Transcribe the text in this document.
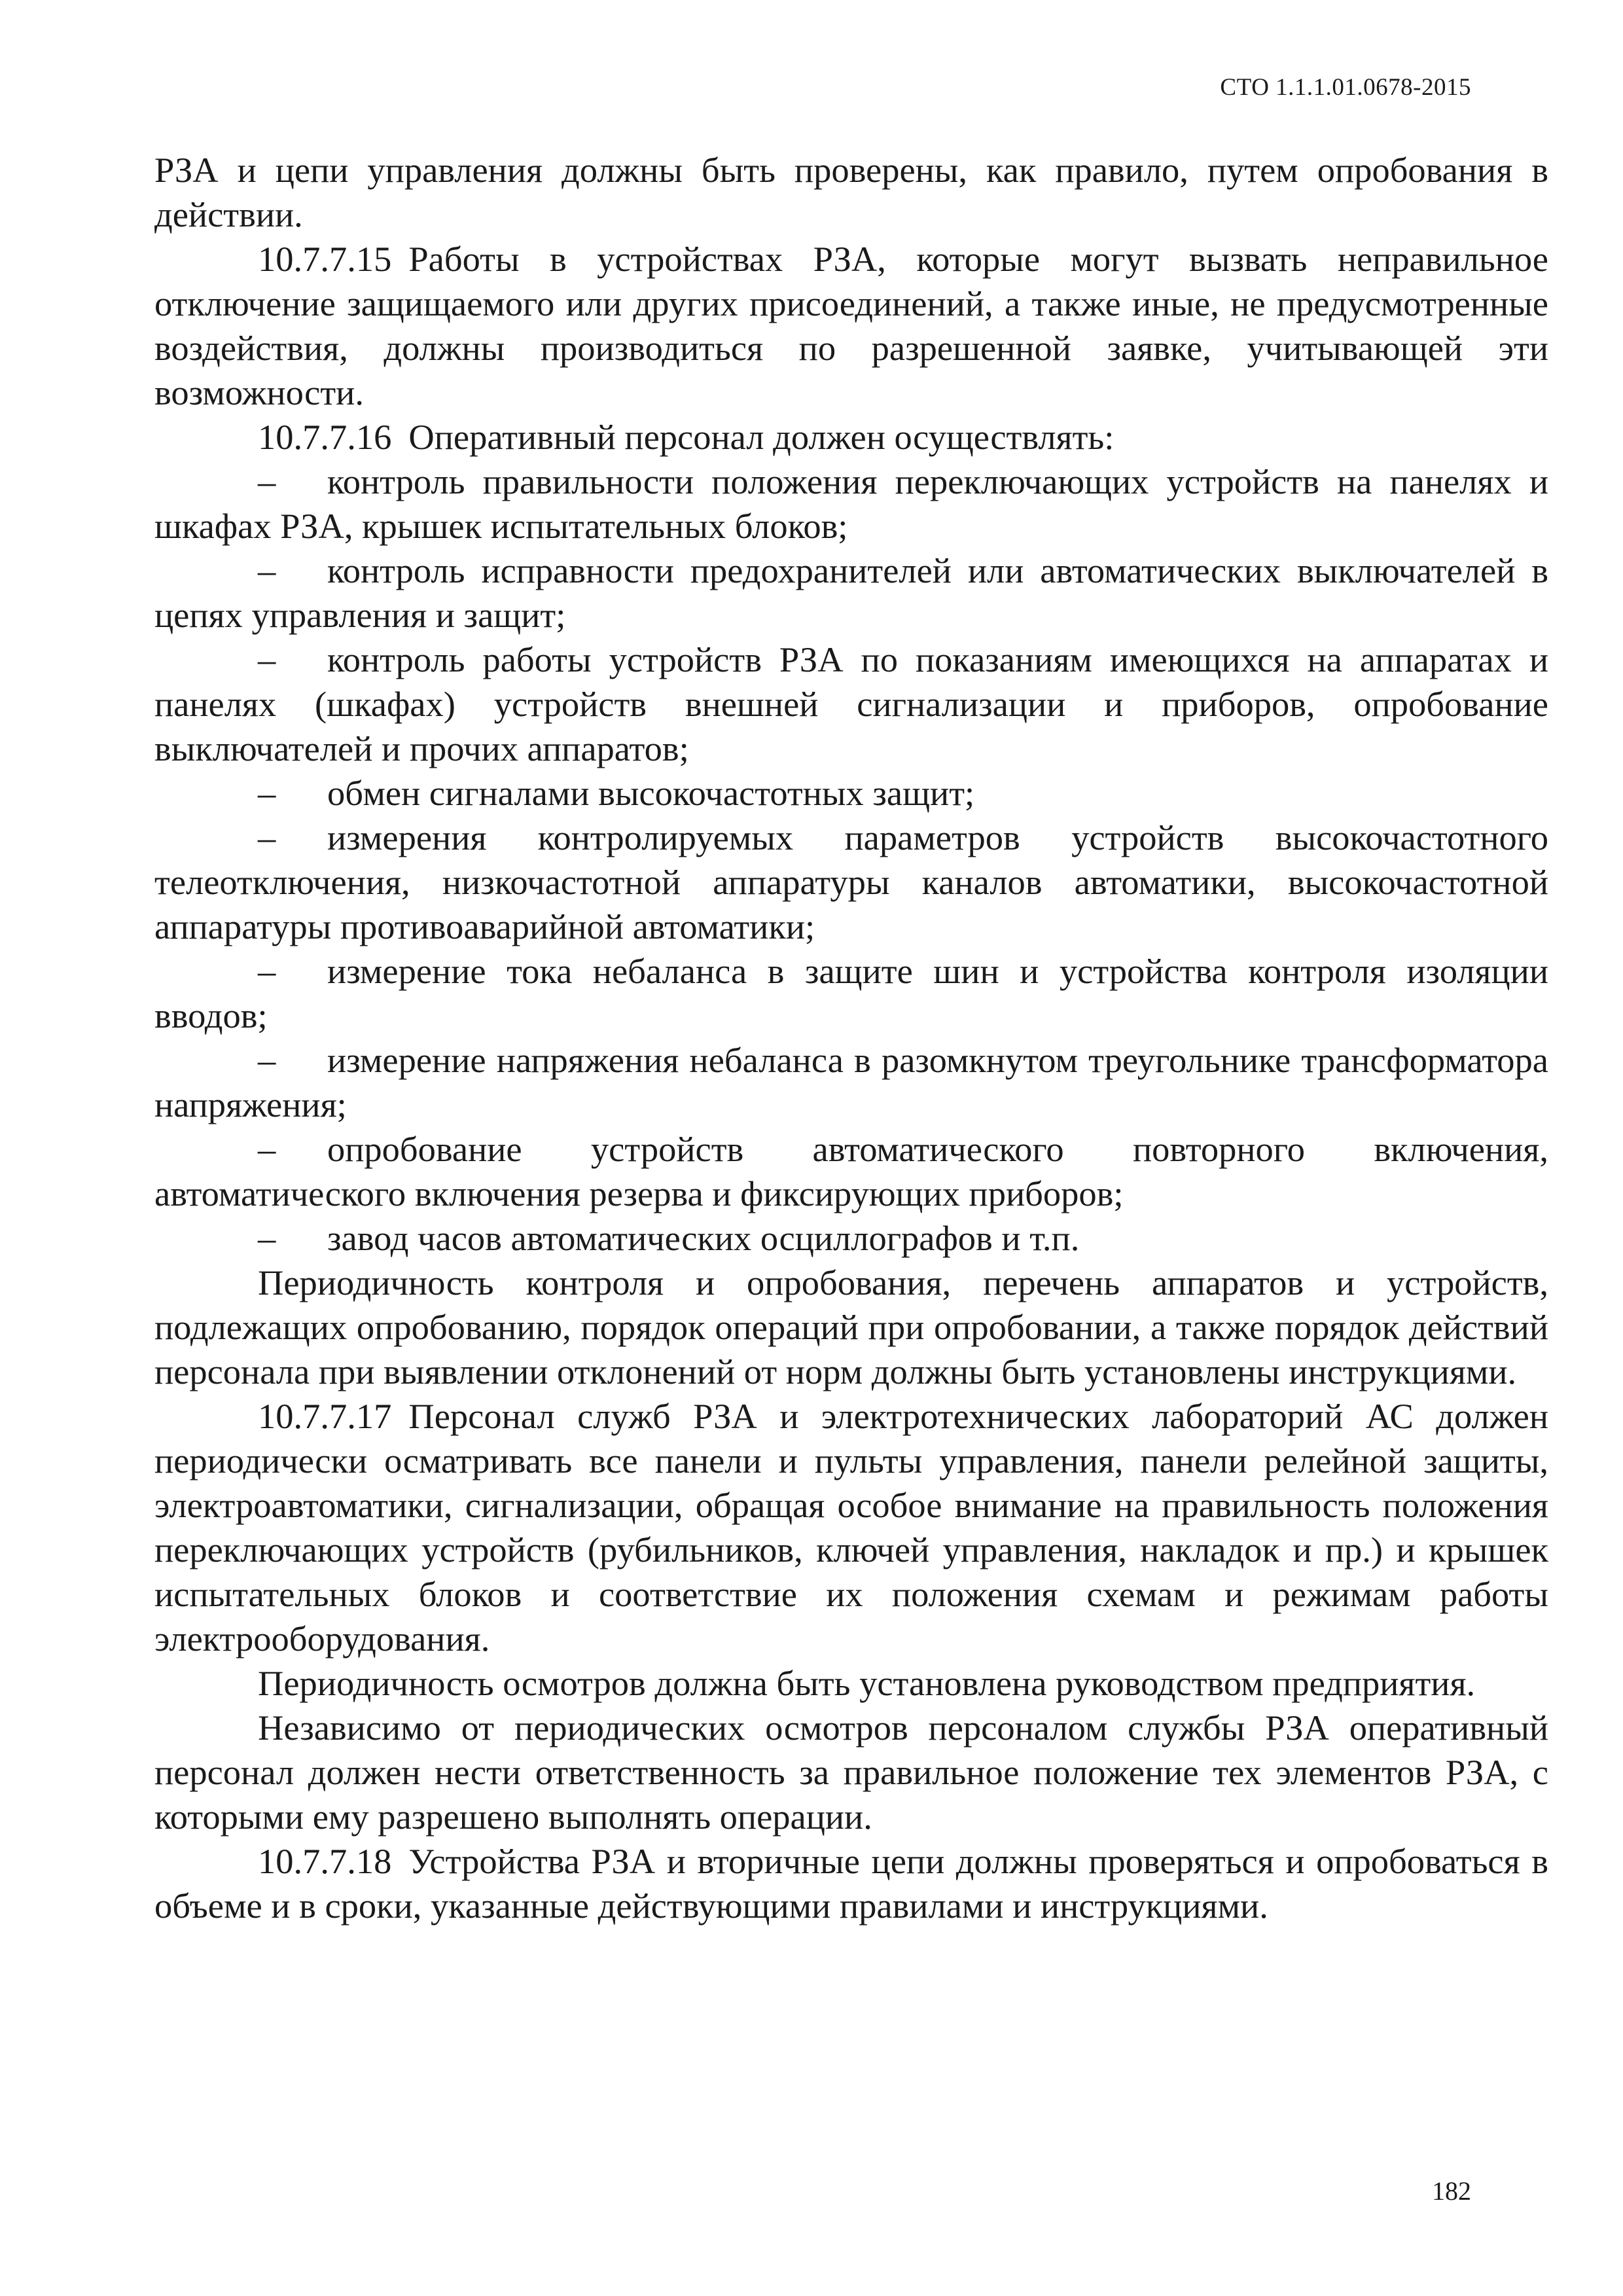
СТО 1.1.1.01.0678-2015

РЗА и цепи управления должны быть проверены, как правило, путем опробования в действии.

10.7.7.15 Работы в устройствах РЗА, которые могут вызвать неправильное отключение защищаемого или других присоединений, а также иные, не предусмотренные воздействия, должны производиться по разрешенной заявке, учитывающей эти возможности.

10.7.7.16 Оперативный персонал должен осуществлять:

– контроль правильности положения переключающих устройств на панелях и шкафах РЗА, крышек испытательных блоков;

– контроль исправности предохранителей или автоматических выключателей в цепях управления и защит;

– контроль работы устройств РЗА по показаниям имеющихся на аппаратах и панелях (шкафах) устройств внешней сигнализации и приборов, опробование выключателей и прочих аппаратов;

– обмен сигналами высокочастотных защит;

– измерения контролируемых параметров устройств высокочастотного телеотключения, низкочастотной аппаратуры каналов автоматики, высокочастотной аппаратуры противоаварийной автоматики;

– измерение тока небаланса в защите шин и устройства контроля изоляции вводов;

– измерение напряжения небаланса в разомкнутом треугольнике трансформатора напряжения;

– опробование устройств автоматического повторного включения, автоматического включения резерва и фиксирующих приборов;

– завод часов автоматических осциллографов и т.п.

Периодичность контроля и опробования, перечень аппаратов и устройств, подлежащих опробованию, порядок операций при опробовании, а также порядок действий персонала при выявлении отклонений от норм должны быть установлены инструкциями.

10.7.7.17 Персонал служб РЗА и электротехнических лабораторий АС должен периодически осматривать все панели и пульты управления, панели релейной защиты, электроавтоматики, сигнализации, обращая особое внимание на правильность положения переключающих устройств (рубильников, ключей управления, накладок и пр.) и крышек испытательных блоков и соответствие их положения схемам и режимам работы электрооборудования.

Периодичность осмотров должна быть установлена руководством предприятия.

Независимо от периодических осмотров персоналом службы РЗА оперативный персонал должен нести ответственность за правильное положение тех элементов РЗА, с которыми ему разрешено выполнять операции.

10.7.7.18 Устройства РЗА и вторичные цепи должны проверяться и опробоваться в объеме и в сроки, указанные действующими правилами и инструкциями.

182
